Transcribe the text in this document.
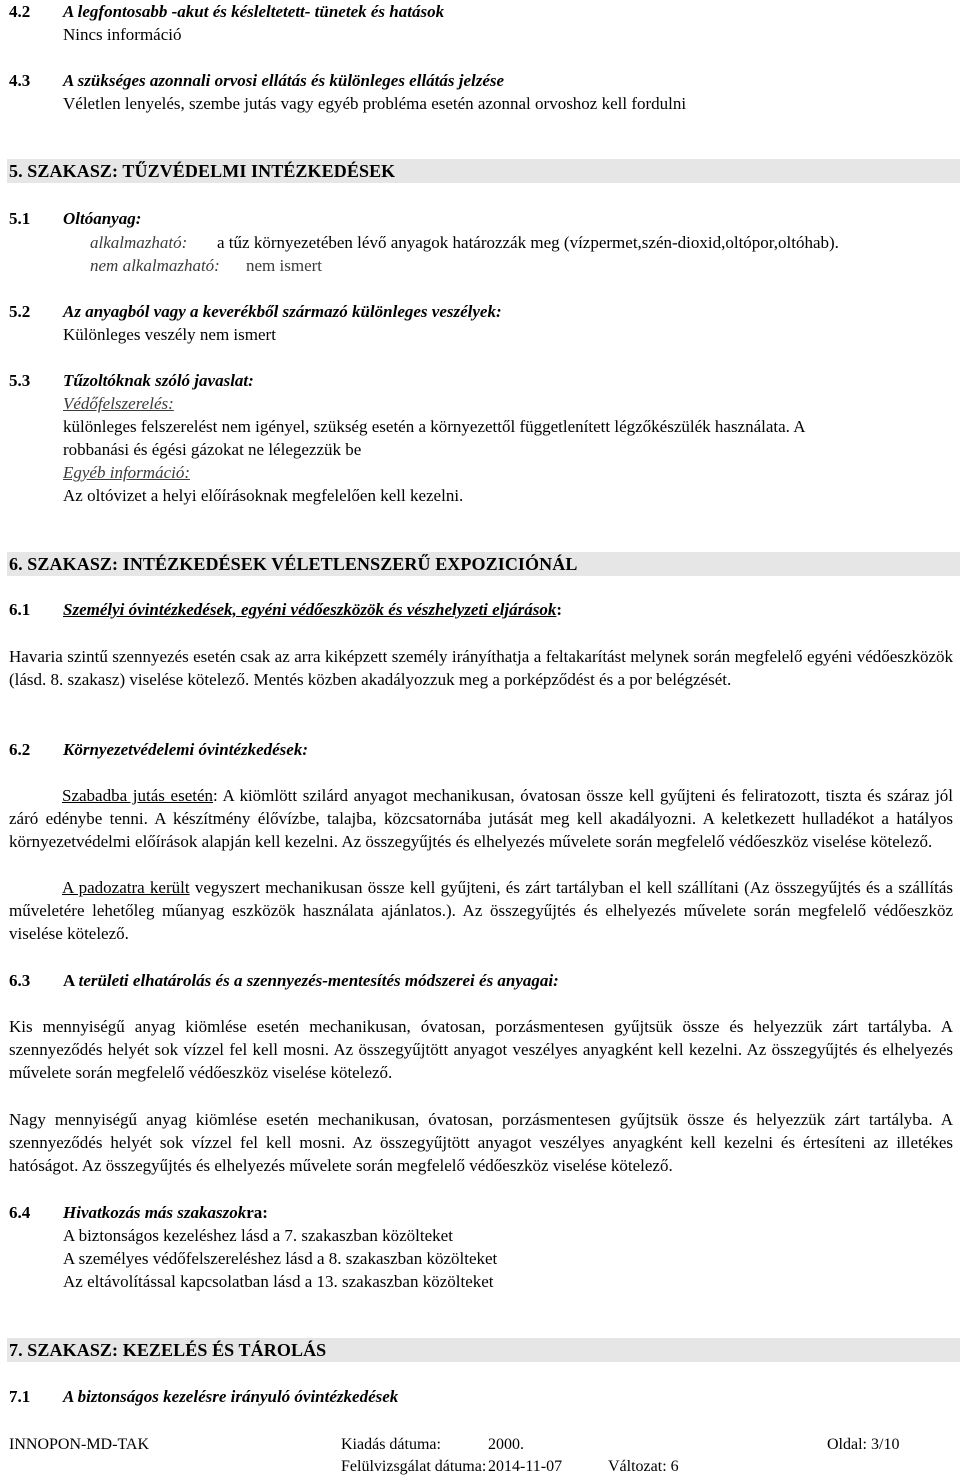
4.2 A legfontosabb -akut és késleltetett- tünetek és hatások
Nincs információ
4.3 A szükséges azonnali orvosi ellátás és különleges ellátás jelzése
Véletlen lenyelés, szembe jutás vagy egyéb probléma esetén azonnal orvoshoz kell fordulni
5. SZAKASZ: TŰZVÉDELMI INTÉZKEDÉSEK
5.1 Oltóanyag:
alkalmazható: a tűz környezetében lévő anyagok határozzák meg (vízpermet,szén-dioxid,oltópor,oltóhab).
nem alkalmazható: nem ismert
5.2 Az anyagból vagy a keverékből származó különleges veszélyek:
Különleges veszély nem ismert
5.3 Tűzoltóknak szóló javaslat:
Védőfelszerelés:
különleges felszerelést nem igényel, szükség esetén a környezettől függetlenített légzőkészülék használata. A
robbanási és égési gázokat ne lélegezzük be
Egyéb információ:
Az oltóvizet a helyi előírásoknak megfelelően kell kezelni.
6. SZAKASZ: INTÉZKEDÉSEK VÉLETLENSZERŰ EXPOZICIÓNÁL
6.1 Személyi óvintézkedések, egyéni védőeszközök és vészhelyzeti eljárások:
Havaria szintű szennyezés esetén csak az arra kiképzett személy irányíthatja a feltakarítást melynek során megfelelő egyéni védőeszközök (lásd. 8. szakasz) viselése kötelező. Mentés közben akadályozzuk meg a porképződést és a por belégzését.
6.2 Környezetvédelemi óvintézkedések:
Szabadba jutás esetén: A kiömlött szilárd anyagot mechanikusan, óvatosan össze kell gyűjteni és feliratozott, tiszta és száraz jól záró edénybe tenni. A készítmény élővízbe, talajba, közcsatornába jutását meg kell akadályozni. A keletkezett hulladékot a hatályos környezetvédelmi előírások alapján kell kezelni. Az összegyűjtés és elhelyezés művelete során megfelelő védőeszköz viselése kötelező.
A padozatra került vegyszert mechanikusan össze kell gyűjteni, és zárt tartályban el kell szállítani (Az összegyűjtés és a szállítás műveletére lehetőleg műanyag eszközök használata ajánlatos.). Az összegyűjtés és elhelyezés művelete során megfelelő védőeszköz viselése kötelező.
6.3 A területi elhatárolás és a szennyezés-mentesítés módszerei és anyagai:
Kis mennyiségű anyag kiömlése esetén mechanikusan, óvatosan, porzásmentesen gyűjtsük össze és helyezzük zárt tartályba. A szennyeződés helyét sok vízzel fel kell mosni. Az összegyűjtött anyagot veszélyes anyagként kell kezelni. Az összegyűjtés és elhelyezés művelete során megfelelő védőeszköz viselése kötelező.
Nagy mennyiségű anyag kiömlése esetén mechanikusan, óvatosan, porzásmentesen gyűjtsük össze és helyezzük zárt tartályba. A szennyeződés helyét sok vízzel fel kell mosni. Az összegyűjtött anyagot veszélyes anyagként kell kezelni és értesíteni az illetékes hatóságot. Az összegyűjtés és elhelyezés művelete során megfelelő védőeszköz viselése kötelező.
6.4 Hivatkozás más szakaszokra:
A biztonságos kezeléshez lásd a 7. szakaszban közölteket
A személyes védőfelszereléshez lásd a 8. szakaszban közölteket
Az eltávolítással kapcsolatban lásd a 13. szakaszban közölteket
7. SZAKASZ: KEZELÉS ÉS TÁROLÁS
7.1 A biztonságos kezelésre irányuló óvintézkedések
INNOPON-MD-TAK	Kiadás dátuma:	2000.	Oldal: 3/10
Felülvizsgálat dátuma: 2014-11-07	Változat: 6
